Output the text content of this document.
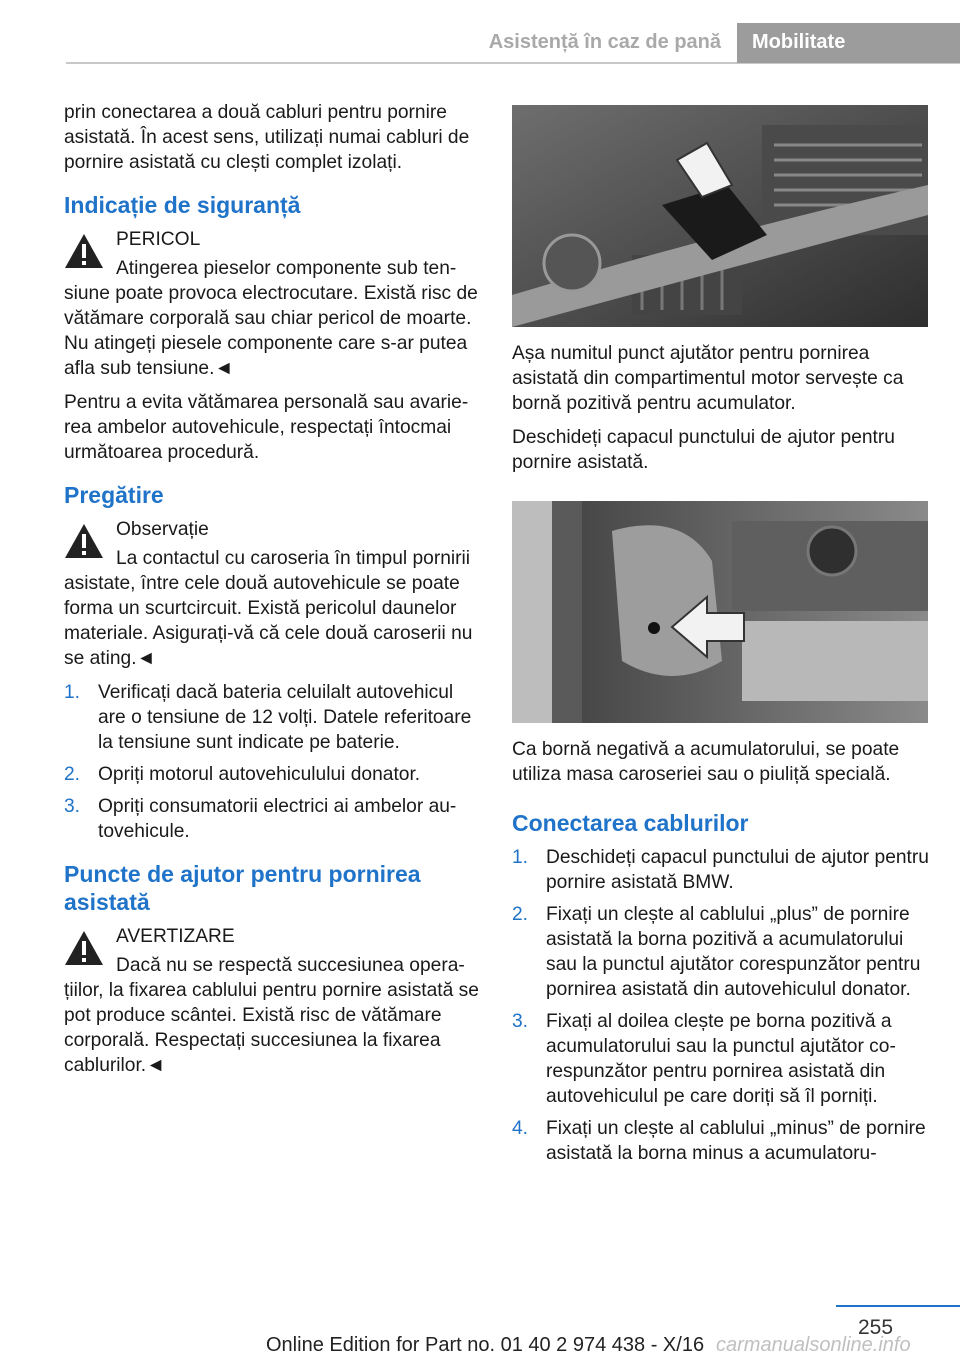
Asistență în caz de pană	Mobilitate

prin conectarea a două cabluri pentru pornire asistată. În acest sens, utilizați numai cabluri de pornire asistată cu clești complet izolați.

Indicație de siguranță
PERICOL
Atingerea pieselor componente sub tensiune poate provoca electrocutare. Există risc de vătămare corporală sau chiar pericol de moarte. Nu atingeți piesele componente care s-ar putea afla sub tensiune.◄

Pentru a evita vătămarea personală sau avarierea ambelor autovehicule, respectați întocmai următoarea procedură.

Pregătire
Observație
La contactul cu caroseria în timpul pornirii asistate, între cele două autovehicule se poate forma un scurtcircuit. Există pericolul daunelor materiale. Asigurați-vă că cele două caroserii nu se ating.◄
1. Verificați dacă bateria celuilalt autovehicul are o tensiune de 12 volți. Datele referitoare la tensiune sunt indicate pe baterie.
2. Opriți motorul autovehiculului donator.
3. Opriți consumatorii electrici ai ambelor autovehicule.
Puncte de ajutor pentru pornirea asistată
AVERTIZARE
Dacă nu se respectă succesiunea operațiilor, la fixarea cablului pentru pornire asistată se pot produce scântei. Există risc de vătămare corporală. Respectați succesiunea la fixarea cablurilor.◄

Așa numitul punct ajutător pentru pornirea asistată din compartimentul motor servește ca bornă pozitivă pentru acumulator.

Deschideți capacul punctului de ajutor pentru pornire asistată.

Ca bornă negativă a acumulatorului, se poate utiliza masa caroseriei sau o piuliță specială.

Conectarea cablurilor
1. Deschideți capacul punctului de ajutor pentru pornire asistată BMW.
2. Fixați un clește al cablului „plus” de pornire asistată la borna pozitivă a acumulatorului sau la punctul ajutător corespunzător pentru pornirea asistată din autovehiculul donator.
3. Fixați al doilea clește pe borna pozitivă a acumulatorului sau la punctul ajutător corespunzător pentru pornirea asistată din autovehiculul pe care doriți să îl porniți.
4. Fixați un clește al cablului „minus” de pornire asistată la borna minus a acumulatoru-
255
Online Edition for Part no. 01 40 2 974 438 - X/16 carmanualsonline.info
